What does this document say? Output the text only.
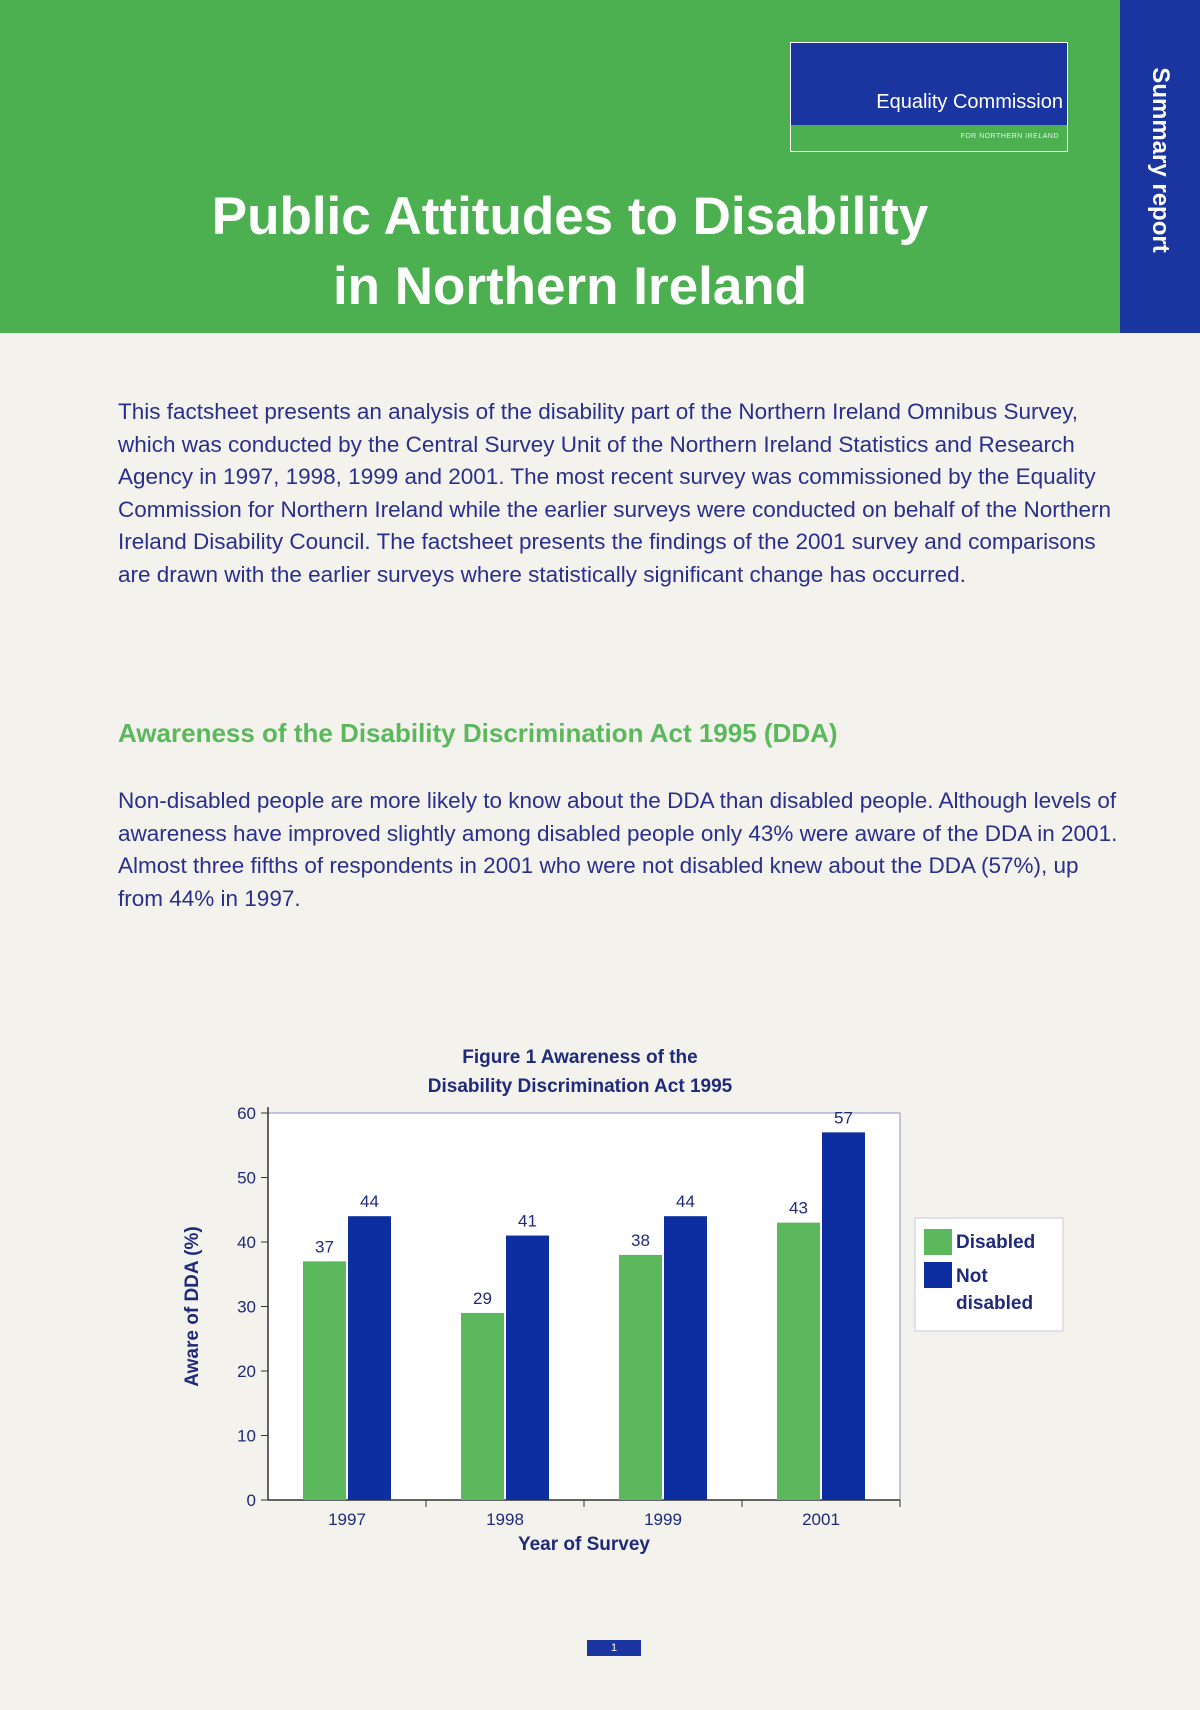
Equality Commission
FOR NORTHERN IRELAND
Public Attitudes to Disability
in Northern Ireland
Summary report

This factsheet presents an analysis of the disability part of the Northern Ireland Omnibus Survey, which was conducted by the Central Survey Unit of the Northern Ireland Statistics and Research Agency in 1997, 1998, 1999 and 2001. The most recent survey was commissioned by the Equality Commission for Northern Ireland while the earlier surveys were conducted on behalf of the Northern Ireland Disability Council. The factsheet presents the findings of the 2001 survey and comparisons are drawn with the earlier surveys where statistically significant change has occurred.

Awareness of the Disability Discrimination Act 1995 (DDA)

Non-disabled people are more likely to know about the DDA than disabled people. Although levels of awareness have improved slightly among disabled people only 43% were aware of the DDA in 2001. Almost three fifths of respondents in 2001 who were not disabled knew about the DDA (57%), up from 44% in 1997.

Figure 1 Awareness of the
Disability Discrimination Act 1995
0
10
20
30
40
50
60
1997
37
44
1998
29
41
1999
38
44
2001
43
57
Year of Survey
Aware of DDA (%)	Disabled
Not disabled
1
